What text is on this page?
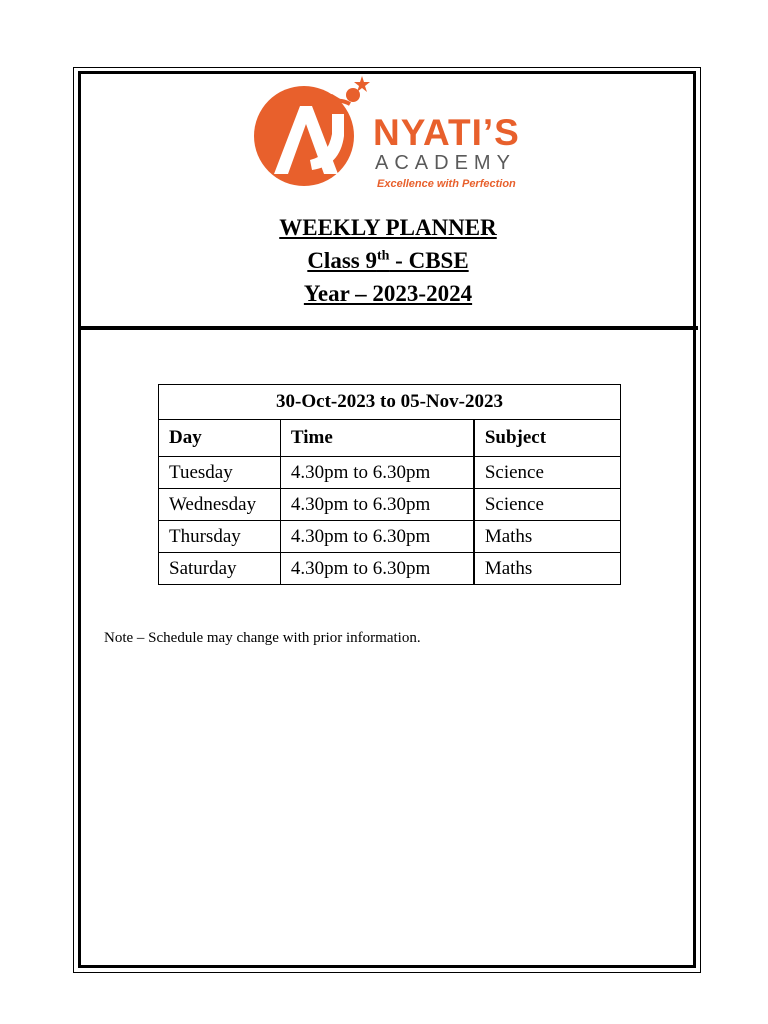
NYATI’S
ACADEMY
Excellence with Perfection

WEEKLY PLANNER

Class 9th - CBSE

Year – 2023-2024

30-Oct-2023 to 05-Nov-2023		
Day	Time	Subject
Tuesday	4.30pm to 6.30pm	Science
Wednesday	4.30pm to 6.30pm	Science
Thursday	4.30pm to 6.30pm	Maths
Saturday	4.30pm to 6.30pm	Maths
Note – Schedule may change with prior information.
